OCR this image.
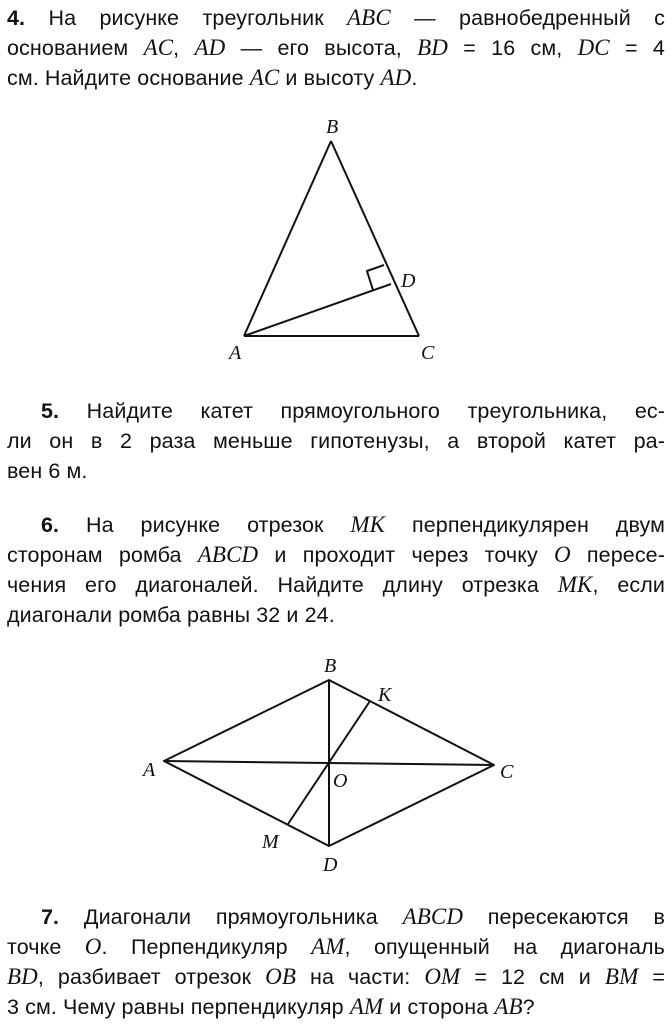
4. На рисунке треугольник ABC — равнобедренный с
основанием AC, AD — его высота, BD = 16 см, DC = 4
см. Найдите основание AC и высоту AD.
B
D
A	C
5. Найдите катет прямоугольного треугольника, ес-
ли он в 2 раза меньше гипотенузы, а второй катет ра-
вен 6 м.
6. На рисунке отрезок MK перпендикулярен двум
сторонам ромба ABCD и проходит через точку O пересе-
чения его диагоналей. Найдите длину отрезка MK, если
диагонали ромба равны 32 и 24.
B
K
A	O	C
M
D
7. Диагонали прямоугольника ABCD пересекаются в
точке O. Перпендикуляр AM, опущенный на диагональ
BD, разбивает отрезок OB на части: OM = 12 см и BM =
3 см. Чему равны перпендикуляр AM и сторона AB?
